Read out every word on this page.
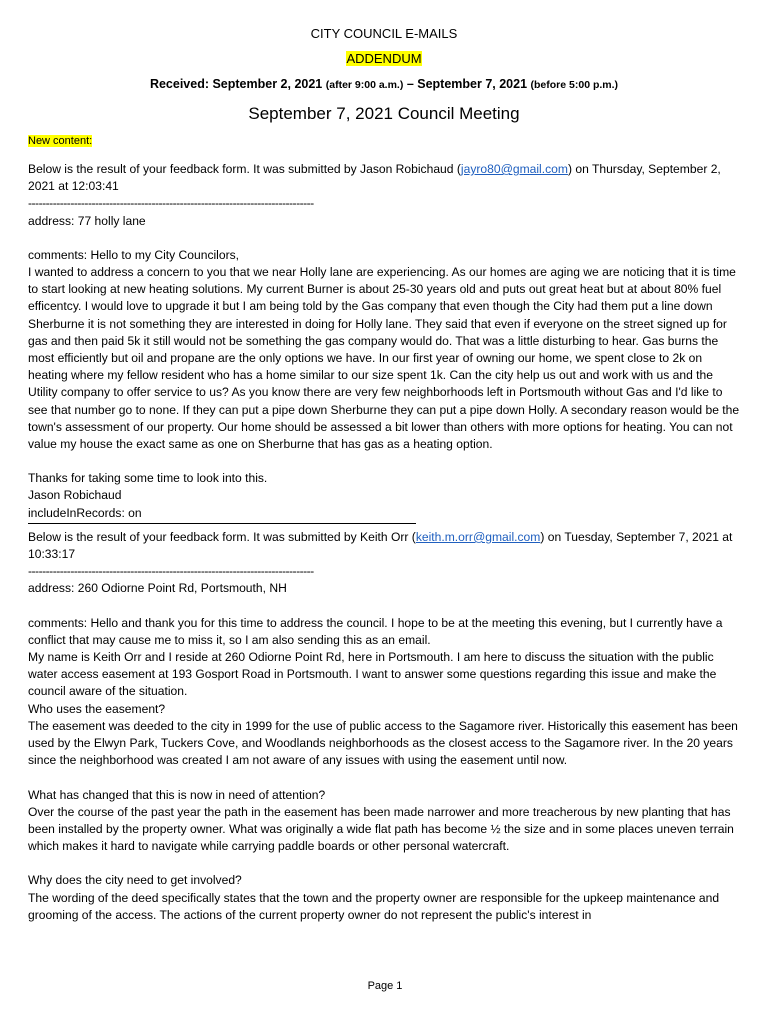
CITY COUNCIL E-MAILS
ADDENDUM
Received: September 2, 2021 (after 9:00 a.m.) – September 7, 2021 (before 5:00 p.m.)
September 7, 2021 Council Meeting
New content:

Below is the result of your feedback form. It was submitted by Jason Robichaud (jayro80@gmail.com) on Thursday, September 2, 2021 at 12:03:41

---------------------------------------------------------------------------------

address: 77 holly lane

comments: Hello to my City Councilors,

I wanted to address a concern to you that we near Holly lane are experiencing. As our homes are aging we are noticing that it is time to start looking at new heating solutions. My current Burner is about 25-30 years old and puts out great heat but at about 80% fuel efficentcy. I would love to upgrade it but I am being told by the Gas company that even though the City had them put a line down Sherburne it is not something they are interested in doing for Holly lane. They said that even if everyone on the street signed up for gas and then paid 5k it still would not be something the gas company would do. That was a little disturbing to hear. Gas burns the most efficiently but oil and propane are the only options we have. In our first year of owning our home, we spent close to 2k on heating where my fellow resident who has a home similar to our size spent 1k. Can the city help us out and work with us and the Utility company to offer service to us? As you know there are very few neighborhoods left in Portsmouth without Gas and I'd like to see that number go to none. If they can put a pipe down Sherburne they can put a pipe down Holly. A secondary reason would be the town's assessment of our property. Our home should be assessed a bit lower than others with more options for heating. You can not value my house the exact same as one on Sherburne that has gas as a heating option.

Thanks for taking some time to look into this.

Jason Robichaud

includeInRecords: on

Below is the result of your feedback form. It was submitted by Keith Orr (keith.m.orr@gmail.com) on Tuesday, September 7, 2021 at 10:33:17

---------------------------------------------------------------------------------

address: 260 Odiorne Point Rd, Portsmouth, NH

comments: Hello and thank you for this time to address the council. I hope to be at the meeting this evening, but I currently have a conflict that may cause me to miss it, so I am also sending this as an email.

My name is Keith Orr and I reside at 260 Odiorne Point Rd, here in Portsmouth. I am here to discuss the situation with the public water access easement at 193 Gosport Road in Portsmouth. I want to answer some questions regarding this issue and make the council aware of the situation.

Who uses the easement?

The easement was deeded to the city in 1999 for the use of public access to the Sagamore river. Historically this easement has been used by the Elwyn Park, Tuckers Cove, and Woodlands neighborhoods as the closest access to the Sagamore river. In the 20 years since the neighborhood was created I am not aware of any issues with using the easement until now.

What has changed that this is now in need of attention?

Over the course of the past year the path in the easement has been made narrower and more treacherous by new planting that has been installed by the property owner. What was originally a wide flat path has become ½ the size and in some places uneven terrain which makes it hard to navigate while carrying paddle boards or other personal watercraft.

Why does the city need to get involved?

The wording of the deed specifically states that the town and the property owner are responsible for the upkeep maintenance and grooming of the access. The actions of the current property owner do not represent the public's interest in

Page 1
